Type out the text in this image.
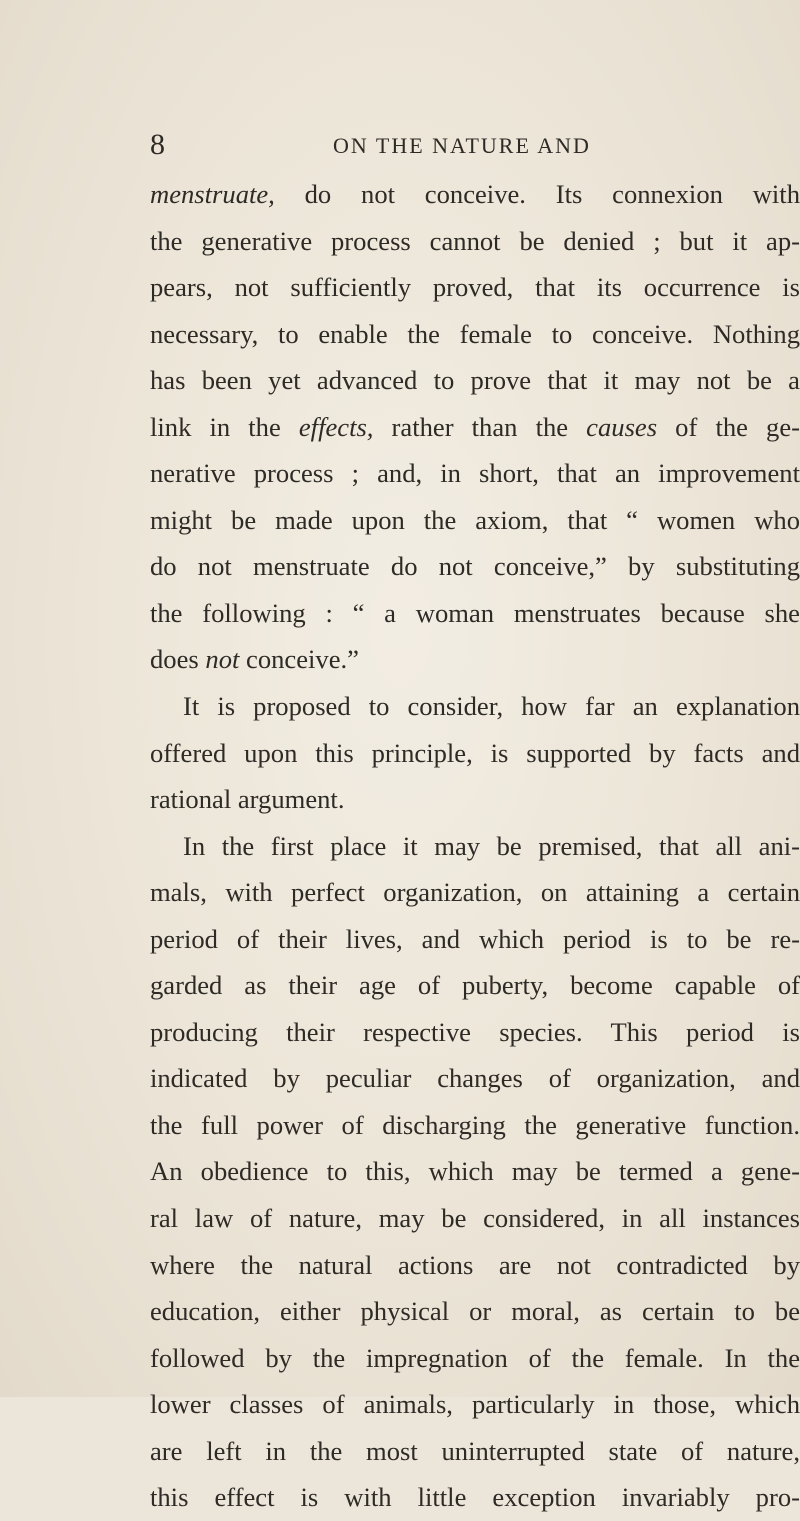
8	ON THE NATURE AND
menstruate, do not conceive. Its connexion with
the generative process cannot be denied ; but it ap-
pears, not sufficiently proved, that its occurrence is
necessary, to enable the female to conceive. Nothing
has been yet advanced to prove that it may not be a
link in the effects, rather than the causes of the ge-
nerative process ; and, in short, that an improvement
might be made upon the axiom, that “ women who
do not menstruate do not conceive,” by substituting
the following : “ a woman menstruates because she
does not conceive.”
It is proposed to consider, how far an explanation
offered upon this principle, is supported by facts and
rational argument.
In the first place it may be premised, that all ani-
mals, with perfect organization, on attaining a certain
period of their lives, and which period is to be re-
garded as their age of puberty, become capable of
producing their respective species. This period is
indicated by peculiar changes of organization, and
the full power of discharging the generative function.
An obedience to this, which may be termed a gene-
ral law of nature, may be considered, in all instances
where the natural actions are not contradicted by
education, either physical or moral, as certain to be
followed by the impregnation of the female. In the
lower classes of animals, particularly in those, which
are left in the most uninterrupted state of nature,
this effect is with little exception invariably pro-
